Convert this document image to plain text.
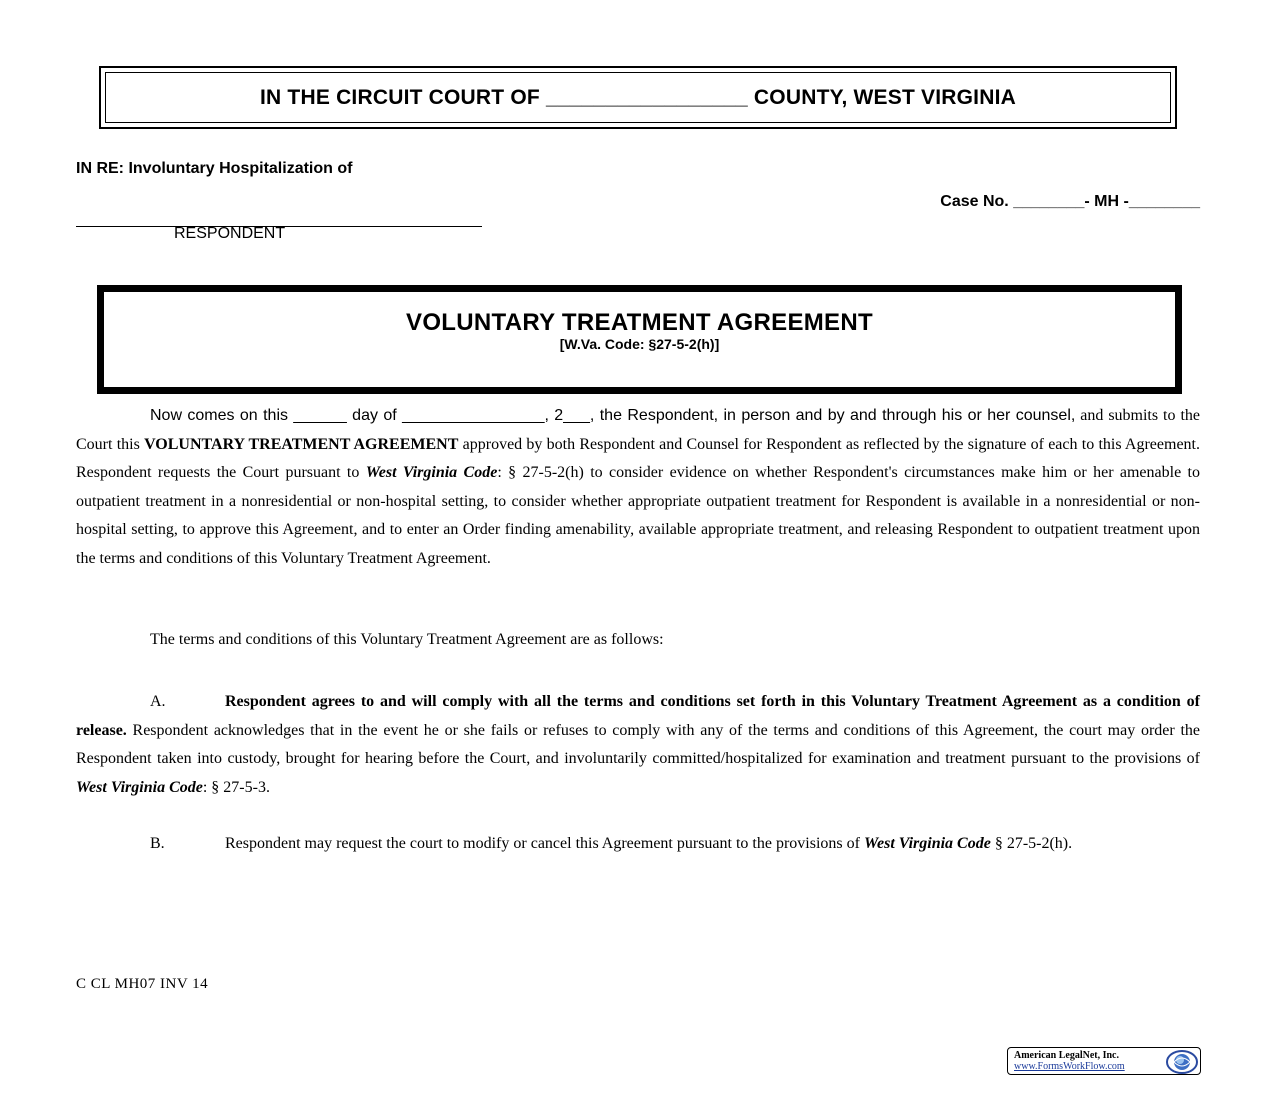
IN THE CIRCUIT COURT OF _________________ COUNTY, WEST VIRGINIA
IN RE: Involuntary Hospitalization of
Case No. ________- MH -________
RESPONDENT
VOLUNTARY TREATMENT AGREEMENT
[W.Va. Code: §27-5-2(h)]
Now comes on this ______ day of ________________, 2___, the Respondent, in person and by and through his or her counsel, and submits to the Court this VOLUNTARY TREATMENT AGREEMENT approved by both Respondent and Counsel for Respondent as reflected by the signature of each to this Agreement. Respondent requests the Court pursuant to West Virginia Code: § 27-5-2(h) to consider evidence on whether Respondent's circumstances make him or her amenable to outpatient treatment in a nonresidential or non-hospital setting, to consider whether appropriate outpatient treatment for Respondent is available in a nonresidential or non-hospital setting, to approve this Agreement, and to enter an Order finding amenability, available appropriate treatment, and releasing Respondent to outpatient treatment upon the terms and conditions of this Voluntary Treatment Agreement.
The terms and conditions of this Voluntary Treatment Agreement are as follows:
A.	Respondent agrees to and will comply with all the terms and conditions set forth in this Voluntary Treatment Agreement as a condition of release. Respondent acknowledges that in the event he or she fails or refuses to comply with any of the terms and conditions of this Agreement, the court may order the Respondent taken into custody, brought for hearing before the Court, and involuntarily committed/hospitalized for examination and treatment pursuant to the provisions of West Virginia Code: § 27-5-3.
B.	Respondent may request the court to modify or cancel this Agreement pursuant to the provisions of West Virginia Code § 27-5-2(h).
C CL MH07 INV 14
American LegalNet, Inc.
www.FormsWorkFlow.com
